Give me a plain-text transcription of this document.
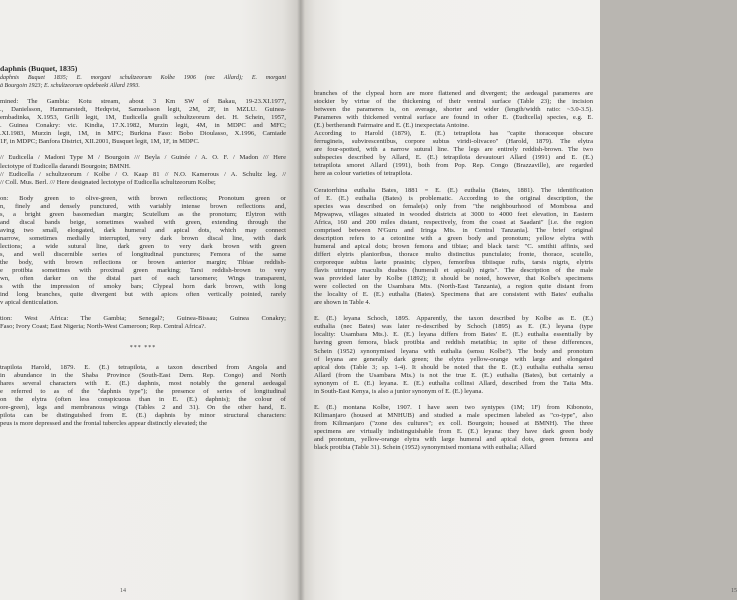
daphnis (Buquet, 1835)
daphnis Buquet 1835; E. morgani schultzeorum Kolbe 1906 (nec Allard); E. morgani
ä Bourgoin 1923; E. schultzeorum opdebeeki Allard 1993.
mined: The Gambia: Kotu stream, about 3 Km SW of Bakau, 19-23.XI.1977,
., Danielsson, Hammarstedt, Hedqvist, Samuelsson legit, 2M, 2F, in MZLU. Guinea-
embadinka, X.1953, Grilli legit, 1M, Eudicella gralli schultzeorum det. H. Schein, 1957,
. Guinea Conakry: vic. Kindia, 17.X.1982, Murzin legit, 4M, in MDPC and MFC;
.XI.1983, Murzin legit, 1M, in MFC; Burkina Faso: Bobo Dioulasso, X.1996, Camiade
1F, in MDPC; Banfora District, XII.2001, Busquet legit, 1M, 1F, in MDPC.
// Eudicella / Madoni Type M / Bourgoin /// Beyla / Guinée / A. O. F. / Madon /// Here
lectotype of Eudicella darandi Bourgoin; BMNH.
// Eudicella / schultzeorum / Kolbe / O. Kaap 81 // N.O. Kamerous / A. Schultz leg. //
// Coll. Mus. Berl. /// Here designated lectotype of Eudicella schultzeorum Kolbe;
on: Body green to olive-green, with brown reflections; Pronotum green or
n, finely and densely punctured, with variably intense brown reflections and,
s, a bright green basomedian margin; Scutellum as the pronotum; Elytron with
and discal bands beige, sometimes washed with green, extending through the
aving two small, elongated, dark humeral and apical dots, which may connect
narrow, sometimes medially interrupted, very dark brown discal line, with dark
lections; a wide sutural line, dark green to very dark brown with green
s, and well discernible series of longitudinal punctures; Femora of the same
the body, with brown reflections or brown anterior margin; Tibiae reddish-
e protibia sometimes with proximal green marking; Tarsi reddish-brown to very
wn, often darker on the distal part of each tarsomere; Wings transparent,
s with the impression of smoky bars; Clypeal horn dark brown, with long
ind long branches, quite divergent but with apices often vertically pointed, rarely
v apical denticulation.
tion: West Africa: The Gambia; Senegal?; Guinea-Bissau; Guinea Conakry;
Faso; Ivory Coast; East Nigeria; North-West Cameroon; Rep. Central Africa?.
*** ***
trapilota Harold, 1879. E. (E.) tetrapilota, a taxon described from Angola and
in abundance in the Shaba Province (South-East Dem. Rep. Congo) and North
hares several characters with E. (E.) daphnis, most notably the general aedeagal
e referred to as of the "daphnis type"); the presence of series of longitudinal
on the elytra (often less conspicuous than in E. (E.) daphnis); the colour of
ore-green), legs and membranous wings (Tables 2 and 31). On the other hand, E.
pilota can be distinguished from E. (E.) daphnis by minor structural characters:
peus is more depressed and the frontal tubercles appear distinctly elevated; the
14
branches of the clypeal horn are more flattened and divergent; the aedeagal parameres are
stockier by virtue of the thickening of their ventral surface (Table 23); the incision
between the parameres is, on average, shorter and wider (length/width ratio: ~3.0-3.5).
Parameres with thickened ventral surface are found in other E. (Eudicella) species, e.g. E.
(E.) bertherandi Fairmaire and E. (E.) inexpectata Antoine.
According to Harold (1879), E. (E.) tetrapilota has "capite thoraceque obscure
ferrugineis, subvirescentibus, corpore subtus viridi-olivaceo" (Harold, 1879). The elytra
are four-spotted, with a narrow sutural line. The legs are entirely reddish-brown. The two
subspecies described by Allard, E. (E.) tetrapilota devautouri Allard (1991) and E. (E.)
tetrapilota smorei Allard (1991), both from Pop. Rep. Congo (Brazzaville), are regarded
here as colour varieties of tetrapilota.
Ceratorrhina euthalia Bates, 1881 = E. (E.) euthalia (Bates, 1881). The identification
of E. (E.) euthalia (Bates) is problematic. According to the original description, the
species was described on female(s) only from "the neighbourhood of Mombosa and
Mpwapwa, villages situated in wooded districts at 3000 to 4000 feet elevation, in Eastern
Africa, 160 and 200 miles distant, respectively, from the coast at Saadani" [i.e. the region
comprised between N'Guru and Iringa Mts. in Central Tanzania]. The brief original
description refers to a cetoniine with a green body and pronotum; yellow elytra with
humeral and apical dots; brown femora and tibiae; and black tarsi: "C. smithii affinis, sed
differt elytris planioribus, thorace multo distinctius punctulato; fronte, thorace, scutello,
corporeque subtus laete prasinis; clypeo, femoribus tibiisque rufis, tarsis nigris, elytris
flavis utrinque maculis duabus (humerali et apicali) nigris". The description of the male
was provided later by Kolbe (1892); it should be noted, however, that Kolbe's specimens
were collected on the Usambara Mts. (North-East Tanzania), a region quite distant from
the locality of E. (E.) euthalia (Bates). Specimens that are consistent with Bates' euthalia
are shown in Table 4.
E. (E.) leyana Schoch, 1895. Apparently, the taxon described by Kolbe as E. (E.)
euthalia (nec Bates) was later re-described by Schoch (1895) as E. (E.) leyana (type
locality: Usambara Mts.). E. (E.) leyana differs from Bates' E. (E.) euthalia essentially by
having green femora, black protibia and reddish metatibia; in spite of these differences,
Schein (1952) synonymised leyana with euthalia (sensu Kolbe?). The body and pronotum
of leyana are generally dark green; the elytra yellow-orange with large and elongated
apical dots (Table 3; sp. 1-4). It should be noted that the E. (E.) euthalia euthalia sensu
Allard (from the Usambara Mts.) is not the true E. (E.) euthalia (Bates), but certainly a
synonym of E. (E.) leyana. E. (E.) euthalia collinsi Allard, described from the Taita Mts.
in South-East Kenya, is also a junior synonym of E. (E.) leyana.
E. (E.) montana Kolbe, 1907. I have seen two syntypes (1M; 1F) from Kibonoto,
Kilimanjaro (housed at MNHUB) and studied a male specimen labeled as "co-type", also
from Kilimanjaro ("zone des cultures"; ex coll. Bourgoin; housed at BMNH). The three
specimens are virtually indistinguishable from E. (E.) leyana: they have dark green body
and pronotum, yellow-orange elytra with large humeral and apical dots, green femora and
black protibia (Table 31). Schein (1952) synonymised montana with euthalia; Allard
15
